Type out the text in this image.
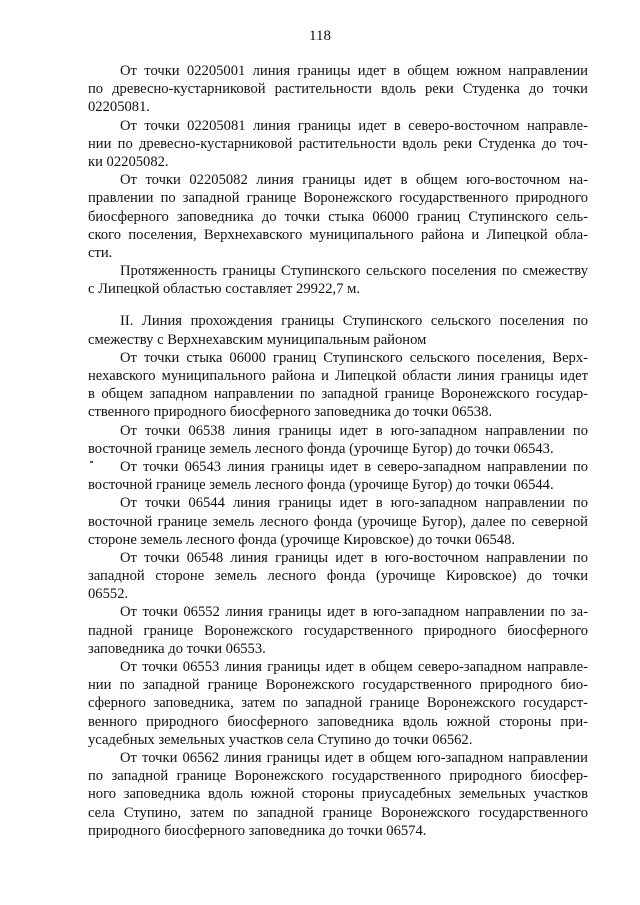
118
От точки 02205001 линия границы идет в общем южном направлении
по древесно-кустарниковой растительности вдоль реки Студенка до точки
02205081.
От точки 02205081 линия границы идет в северо-восточном направле-
нии по древесно-кустарниковой растительности вдоль реки Студенка до точ-
ки 02205082.
От точки 02205082 линия границы идет в общем юго-восточном на-
правлении по западной границе Воронежского государственного природного
биосферного заповедника до точки стыка 06000 границ Ступинского сель-
ского поселения, Верхнехавского муниципального района и Липецкой обла-
сти.
Протяженность границы Ступинского сельского поселения по смежеству
с Липецкой областью составляет 29922,7 м.
II. Линия прохождения границы Ступинского сельского поселения по
смежеству с Верхнехавским муниципальным районом
От точки стыка 06000 границ Ступинского сельского поселения, Верх-
нехавского муниципального района и Липецкой области линия границы идет
в общем западном направлении по западной границе Воронежского государ-
ственного природного биосферного заповедника до точки 06538.
От точки 06538 линия границы идет в юго-западном направлении по
восточной границе земель лесного фонда (урочище Бугор) до точки 06543.
От точки 06543 линия границы идет в северо-западном направлении по
восточной границе земель лесного фонда (урочище Бугор) до точки 06544.
От точки 06544 линия границы идет в юго-западном направлении по
восточной границе земель лесного фонда (урочище Бугор), далее по северной
стороне земель лесного фонда (урочище Кировское) до точки 06548.
От точки 06548 линия границы идет в юго-восточном направлении по
западной стороне земель лесного фонда (урочище Кировское) до точки
06552.
От точки 06552 линия границы идет в юго-западном направлении по за-
падной границе Воронежского государственного природного биосферного
заповедника до точки 06553.
От точки 06553 линия границы идет в общем северо-западном направле-
нии по западной границе Воронежского государственного природного био-
сферного заповедника, затем по западной границе Воронежского государст-
венного природного биосферного заповедника вдоль южной стороны при-
усадебных земельных участков села Ступино до точки 06562.
От точки 06562 линия границы идет в общем юго-западном направлении
по западной границе Воронежского государственного природного биосфер-
ного заповедника вдоль южной стороны приусадебных земельных участков
села Ступино, затем по западной границе Воронежского государственного
природного биосферного заповедника до точки 06574.
